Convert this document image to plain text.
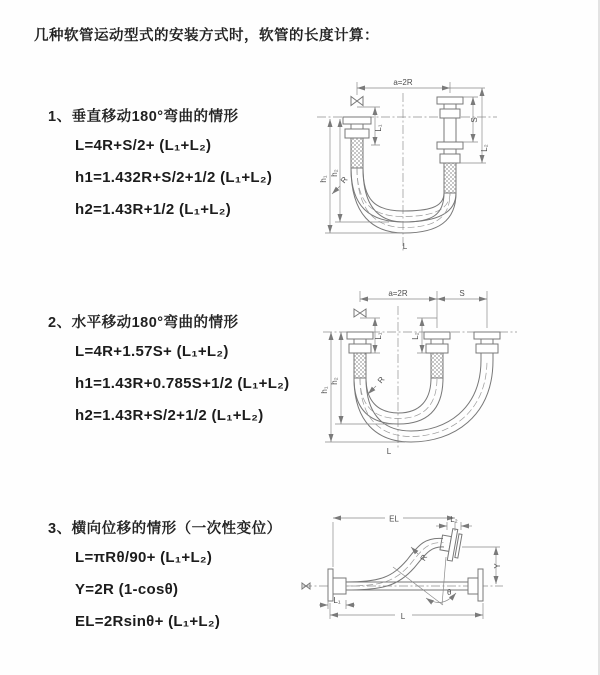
几种软管运动型式的安装方式时，软管的长度计算：
1、垂直移动180°弯曲的情形
L=4R+S/2+ (L₁+L₂)
h1=1.432R+S/2+1/2 (L₁+L₂)
h2=1.43R+1/2 (L₁+L₂)
2、水平移动180°弯曲的情形
L=4R+1.57S+ (L₁+L₂)
h1=1.43R+0.785S+1/2 (L₁+L₂)
h2=1.43R+S/2+1/2 (L₁+L₂)
3、横向位移的情形（一次性变位）
L=πRθ/90+ (L₁+L₂)
Y=2R (1-cosθ)
EL=2Rsinθ+ (L₁+L₂)
a=2R
h₁
h₂
L₁
S
L₂
R
L
a=2R	S
h₁
h₂
L₁	L₂
R
L
EL	L₂
Y
L
L₁
R
θ
